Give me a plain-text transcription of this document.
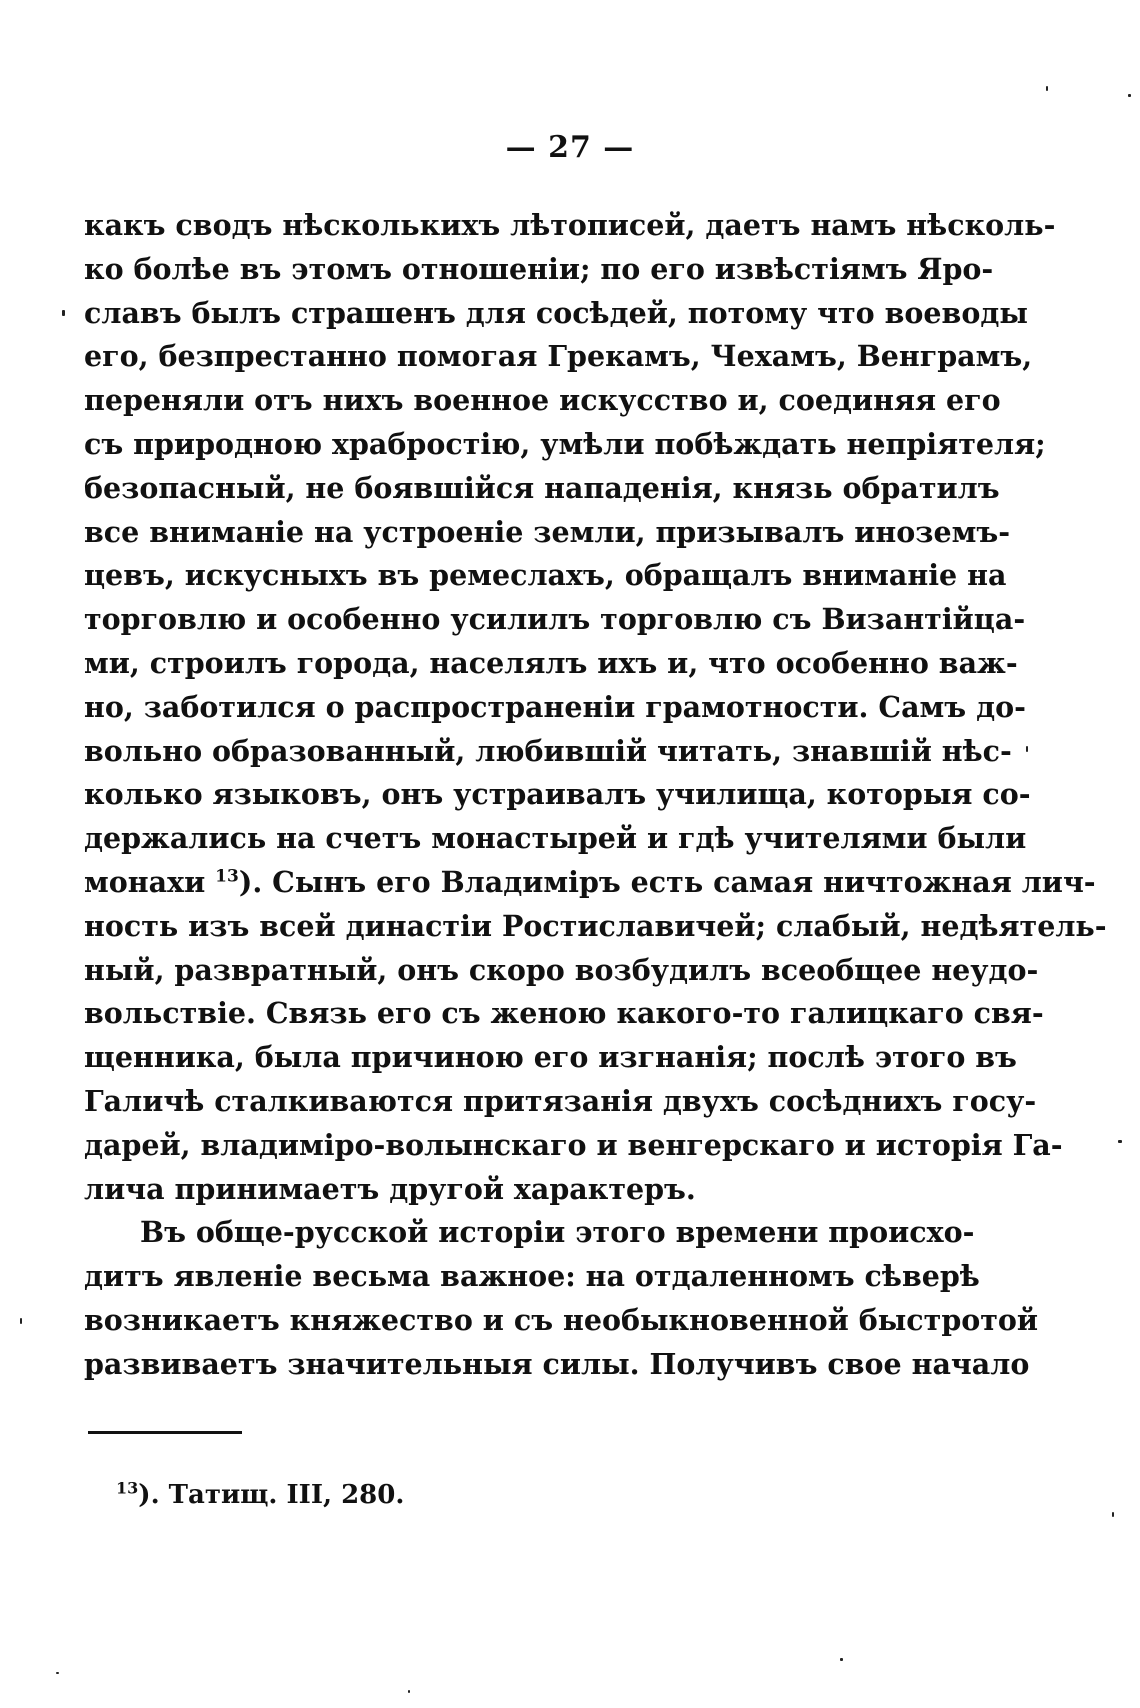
— 27 —
какъ сводъ нѣсколькихъ лѣтописей, даетъ намъ нѣсколь-
ко болѣе въ этомъ отношеніи; по его извѣстіямъ Яро-
славъ былъ страшенъ для сосѣдей, потому что воеводы
его, безпрестанно помогая Грекамъ, Чехамъ, Венграмъ,
переняли отъ нихъ военное искусство и, соединяя его
съ природною храбростію, умѣли побѣждать непріятеля;
безопасный, не боявшійся нападенія, князь обратилъ
все вниманіе на устроеніе земли, призывалъ иноземъ-
цевъ, искусныхъ въ ремеслахъ, обращалъ вниманіе на
торговлю и особенно усилилъ торговлю съ Византійца-
ми, строилъ города, населялъ ихъ и, что особенно важ-
но, заботился о распространеніи грамотности. Самъ до-
вольно образованный, любившій читать, знавшій нѣс-
колько языковъ, онъ устраивалъ училища, которыя со-
держались на счетъ монастырей и гдѣ учителями были
монахи $^{13}$). Сынъ его Владиміръ есть самая ничтожная лич-
ность изъ всей династіи Ростиславичей; слабый, недѣятель-
ный, развратный, онъ скоро возбудилъ всеобщее неудо-
вольствіе. Связь его съ женою какого-то галицкаго свя-
щенника, была причиною его изгнанія; послѣ этого въ
Галичѣ сталкиваются притязанія двухъ сосѣднихъ госу-
дарей, владиміро-волынскаго и венгерскаго и исторія Га-
лича принимаетъ другой характеръ.
Въ обще-русской исторіи этого времени происхо-
дитъ явленіе весьма важное: на отдаленномъ сѣверѣ
возникаетъ княжество и съ необыкновенной быстротой
развиваетъ значительныя силы. Получивъ свое начало
$^{13}$). Татищ. III, 280.
